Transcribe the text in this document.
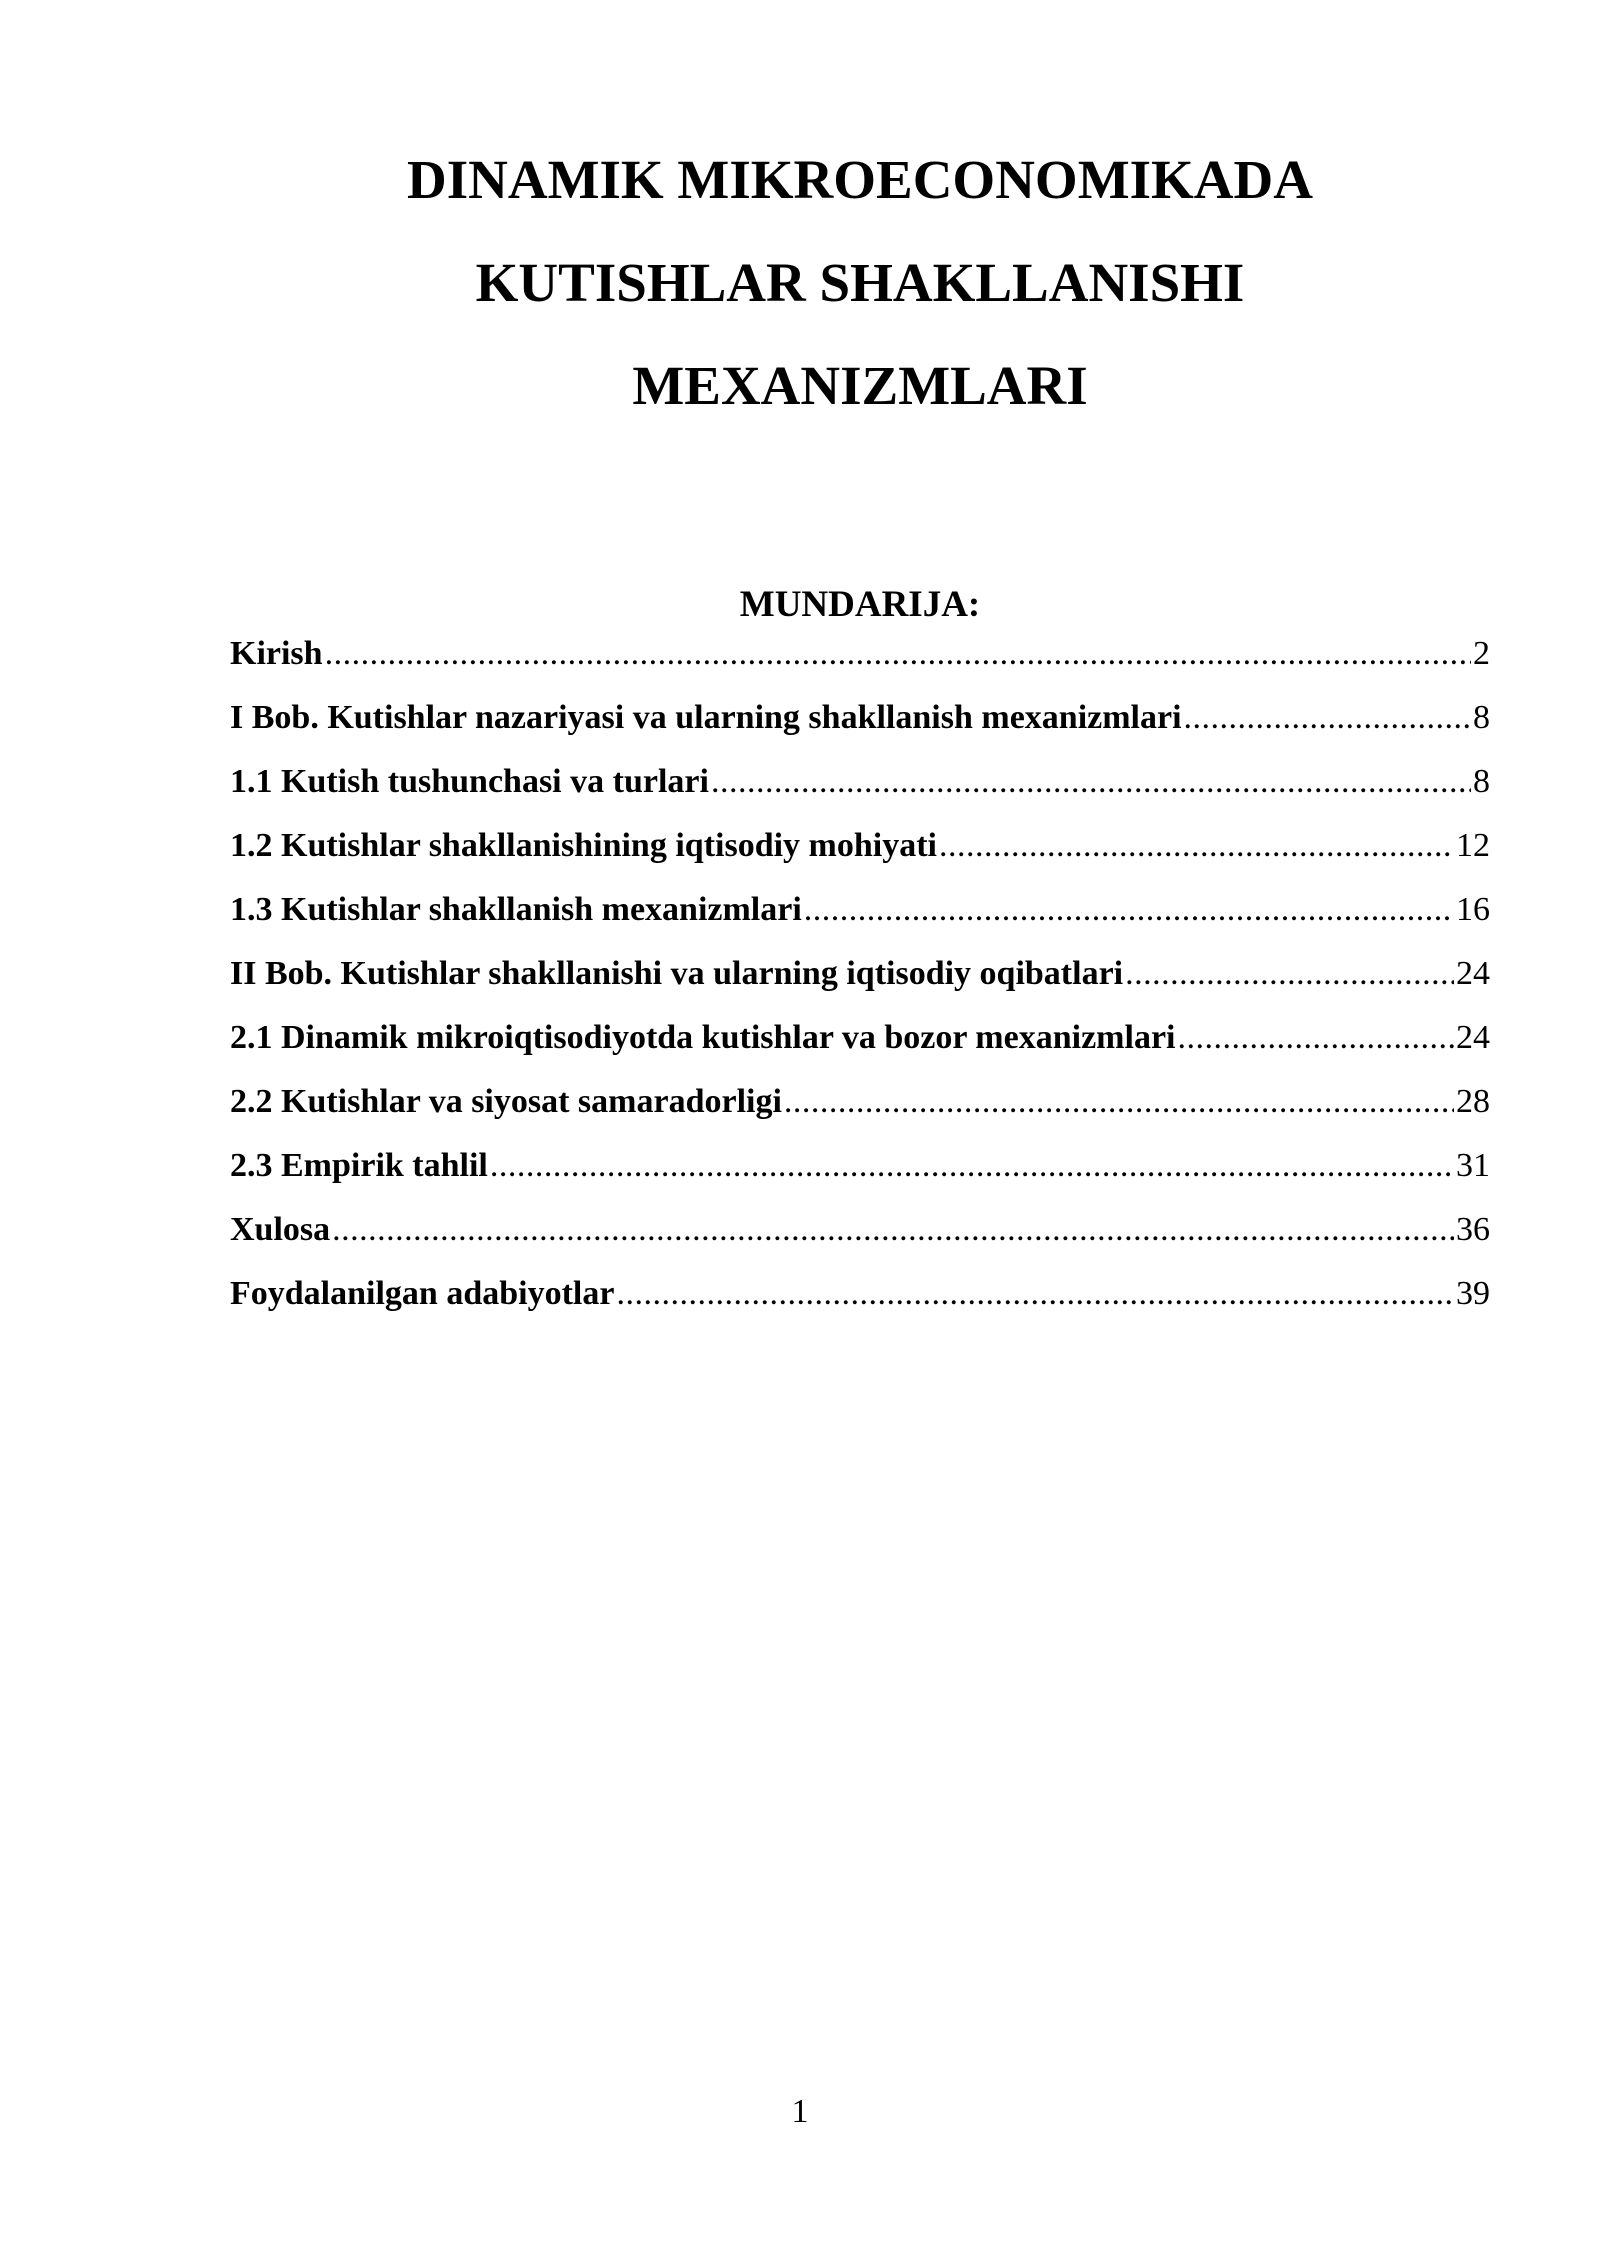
DINAMIK MIKROECONOMIKADA
KUTISHLAR SHAKLLANISHI
MEXANIZMLARI
MUNDARIJA:
Kirish .....	2
I Bob. Kutishlar nazariyasi va ularning shakllanish mexanizmlari .....	8
1.1 Kutish tushunchasi va turlari .....	8
1.2 Kutishlar shakllanishining iqtisodiy mohiyati .....	12
1.3 Kutishlar shakllanish mexanizmlari .....	16
II Bob. Kutishlar shakllanishi va ularning iqtisodiy oqibatlari .....	24
2.1 Dinamik mikroiqtisodiyotda kutishlar va bozor mexanizmlari .....	24
2.2 Kutishlar va siyosat samaradorligi .....	28
2.3 Empirik tahlil .....	31
Xulosa .....	36
Foydalanilgan adabiyotlar .....	39
1
